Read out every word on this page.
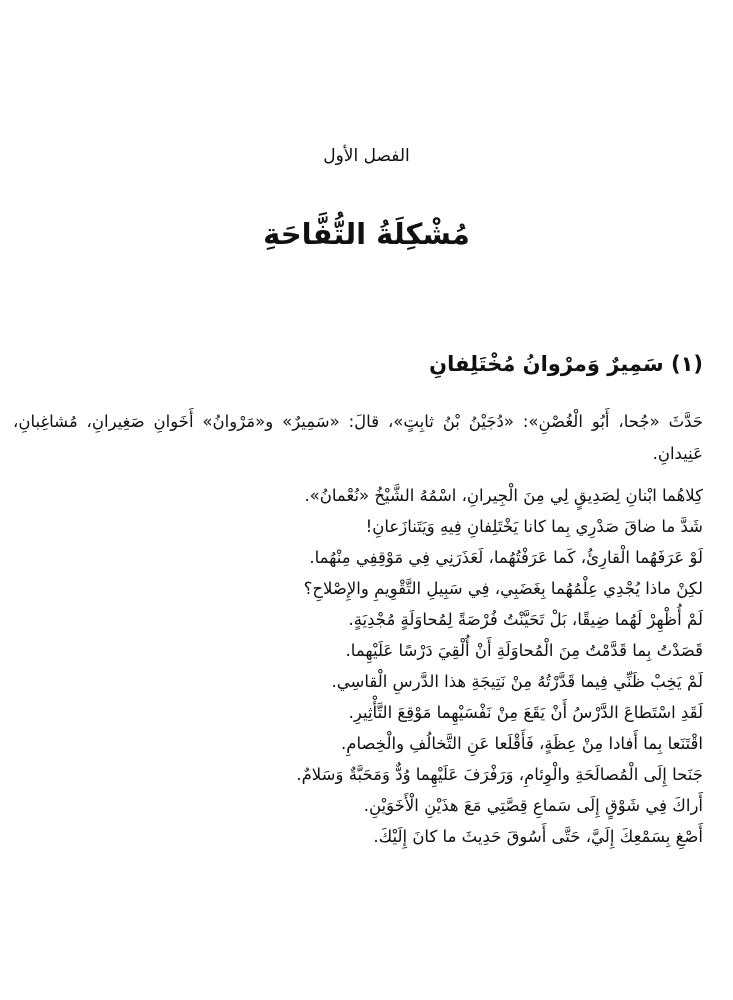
الفصل الأول
مُشْكِلَةُ التُّفَّاحَةِ
(١) سَمِيرٌ وَمرْوانُ مُخْتَلِفانِ

حَدَّثَ «جُحا، أَبُو الْغُصْنِ»: «دُجَيْنُ بْنُ ثابِتٍ»، قالَ: «سَمِيرٌ» و«مَرْوانُ» أَخَوانِ صَغِيرانِ، مُشاغِبانِ، عَنِيدانِ.

كِلاهُما ابْنانِ لِصَدِيقٍ لِي مِنَ الْجِيرانِ، اسْمُهُ الشَّيْخُ «نُعْمانُ».
شَدَّ ما ضاقَ صَدْرِي بِما كانا يَخْتَلِفانِ فِيهِ وَيَتَنازَعانِ!
لَوْ عَرَفَهُما الْقارِئُ، كَما عَرَفْتُهُما، لَعَذَرَنِي فِي مَوْقِفِي مِنْهُما.
لكِنْ ماذا يُجْدِي عِلْمُهُما بِغَضَبِي، فِي سَبِيلِ التَّقْوِيمِ والإِصْلاحِ؟
لَمْ أُظْهِرْ لَهُما ضِيقًا، بَلْ تَحَيَّنْتُ فُرْصَةً لِمُحاوَلَةٍ مُجْدِيَةٍ.
قَصَدْتُ بِما قَدَّمْتُ مِنَ الْمُحاوَلَةِ أَنْ أُلْقِيَ دَرْسًا عَلَيْهِما.
لَمْ يَخِبْ ظَنِّي فِيما قَدَّرْتُهُ مِنْ نَتِيجَةِ هذا الدَّرسِ الْقاسِي.
لَقَدِ اسْتَطاعَ الدَّرْسُ أَنْ يَقَعَ مِنْ نَفْسَيْهِما مَوْقِعَ التَّأْثِيرِ.
اقْتَنَعا بِما أَفادا مِنْ عِظَةٍ، فَأَقْلَعا عَنِ التَّخالُفِ والْخِصامِ.
جَنَحا إِلَى الْمُصالَحَةِ والْوِئامِ، وَرَفْرَفَ عَلَيْهِما وُدٌّ وَمَحَبَّةٌ وَسَلامٌ.
أَراكَ فِي شَوْقٍ إِلَى سَماعِ قِصَّتِي مَعَ هذَيْنِ الْأَخَوَيْنِ.
أَصْغِ بِسَمْعِكَ إِلَيَّ، حَتَّى أَسُوقَ حَدِيثَ ما كانَ إِلَيْكَ.
